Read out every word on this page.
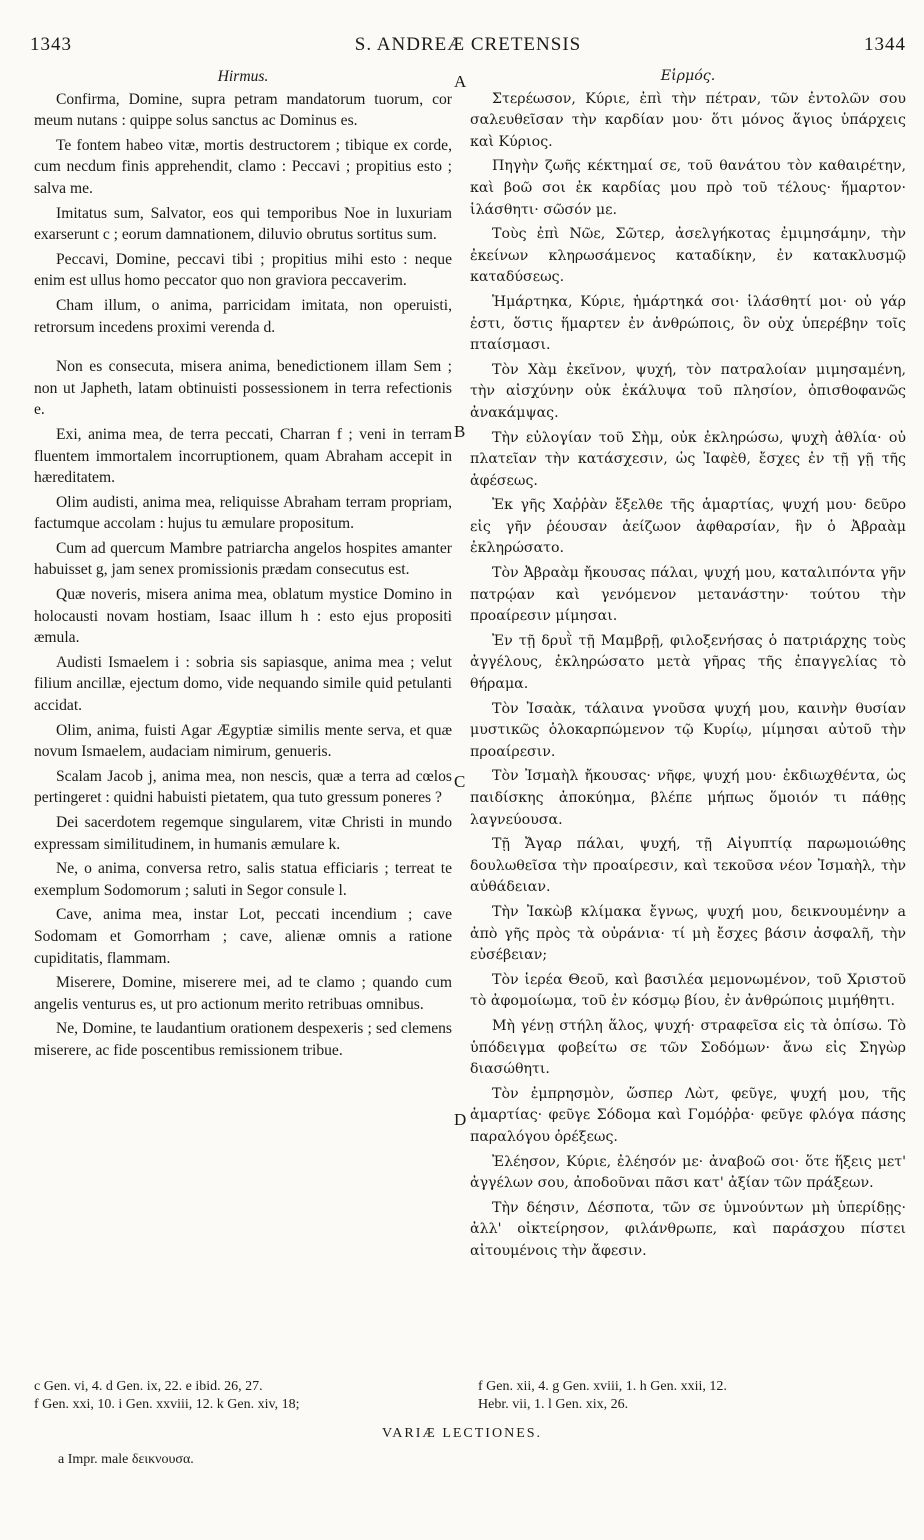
1343	S. ANDREÆ CRETENSIS	1344
Hirmus.

Confirma, Domine, supra petram mandatorum tuorum, cor meum nutans : quippe solus sanctus ac Dominus es.

Te fontem habeo vitæ, mortis destructorem ; tibique ex corde, cum necdum finis apprehendit, clamo : Peccavi ; propitius esto ; salva me.

Imitatus sum, Salvator, eos qui temporibus Noe in luxuriam exarserunt c ; eorum damnationem, diluvio obrutus sortitus sum.

Peccavi, Domine, peccavi tibi ; propitius mihi esto : neque enim est ullus homo peccator quo non graviora peccaverim.

Cham illum, o anima, parricidam imitata, non operuisti, retrorsum incedens proximi verenda d.

Non es consecuta, misera anima, benedictionem illam Sem ; non ut Japheth, latam obtinuisti possessionem in terra refectionis e.

Exi, anima mea, de terra peccati, Charran f ; veni in terram fluentem immortalem incorruptionem, quam Abraham accepit in hæreditatem.

Olim audisti, anima mea, reliquisse Abraham terram propriam, factumque accolam : hujus tu æmulare propositum.

Cum ad quercum Mambre patriarcha angelos hospites amanter habuisset g, jam senex promissionis prædam consecutus est.

Quæ noveris, misera anima mea, oblatum mystice Domino in holocausti novam hostiam, Isaac illum h : esto ejus propositi æmula.

Audisti Ismaelem i : sobria sis sapiasque, anima mea ; velut filium ancillæ, ejectum domo, vide nequando simile quid petulanti accidat.

Olim, anima, fuisti Agar Ægyptiæ similis mente serva, et quæ novum Ismaelem, audaciam nimirum, genueris.

Scalam Jacob j, anima mea, non nescis, quæ a terra ad cœlos pertingeret : quidni habuisti pietatem, qua tuto gressum poneres ?

Dei sacerdotem regemque singularem, vitæ Christi in mundo expressam similitudinem, in humanis æmulare k.

Ne, o anima, conversa retro, salis statua efficiaris ; terreat te exemplum Sodomorum ; saluti in Segor consule l.

Cave, anima mea, instar Lot, peccati incendium ; cave Sodomam et Gomorrham ; cave, alienæ omnis a ratione cupiditatis, flammam.

Miserere, Domine, miserere mei, ad te clamo ; quando cum angelis venturus es, ut pro actionum merito retribuas omnibus.

Ne, Domine, te laudantium orationem despexeris ; sed clemens miserere, ac fide poscentibus remissionem tribue.

A
B
C
D
Εἱρμός.

Στερέωσον, Κύριε, ἐπὶ τὴν πέτραν, τῶν ἐντολῶν σου σαλευθεῖσαν τὴν καρδίαν μου· ὅτι μόνος ἅγιος ὑπάρχεις καὶ Κύριος.

Πηγὴν ζωῆς κέκτημαί σε, τοῦ θανάτου τὸν καθαιρέτην, καὶ βοῶ σοι ἐκ καρδίας μου πρὸ τοῦ τέλους· ἥμαρτον· ἱλάσθητι· σῶσόν με.

Τοὺς ἐπὶ Νῶε, Σῶτερ, ἀσελγήκοτας ἐμιμησάμην, τὴν ἐκείνων κληρωσάμενος καταδίκην, ἐν κατακλυσμῷ καταδύσεως.

Ἡμάρτηκα, Κύριε, ἡμάρτηκά σοι· ἱλάσθητί μοι· οὐ γάρ ἐστι, ὅστις ἥμαρτεν ἐν ἀνθρώποις, ὃν οὐχ ὑπερέβην τοῖς πταίσμασι.

Τὸν Χὰμ ἐκεῖνον, ψυχή, τὸν πατραλοίαν μιμησαμένη, τὴν αἰσχύνην οὐκ ἐκάλυψα τοῦ πλησίον, ὀπισθοφανῶς ἀνακάμψας.

Τὴν εὐλογίαν τοῦ Σὴμ, οὐκ ἐκληρώσω, ψυχὴ ἀθλία· οὐ πλατεῖαν τὴν κατάσχεσιν, ὡς Ἰαφὲθ, ἔσχες ἐν τῇ γῇ τῆς ἀφέσεως.

Ἐκ γῆς Χαῤῥὰν ἔξελθε τῆς ἁμαρτίας, ψυχή μου· δεῦρο εἰς γῆν ῥέουσαν ἀείζωον ἀφθαρσίαν, ἣν ὁ Ἀβραὰμ ἐκληρώσατο.

Τὸν Ἀβραὰμ ἤκουσας πάλαι, ψυχή μου, καταλιπόντα γῆν πατρῴαν καὶ γενόμενον μετανάστην· τούτου τὴν προαίρεσιν μίμησαι.

Ἐν τῇ δρυῒ τῇ Μαμβρῇ, φιλοξενήσας ὁ πατριάρχης τοὺς ἀγγέλους, ἐκληρώσατο μετὰ γῆρας τῆς ἐπαγγελίας τὸ θήραμα.

Τὸν Ἰσαὰκ, τάλαινα γνοῦσα ψυχή μου, καινὴν θυσίαν μυστικῶς ὁλοκαρπώμενον τῷ Κυρίῳ, μίμησαι αὐτοῦ τὴν προαίρεσιν.

Τὸν Ἰσμαὴλ ἤκουσας· νῆφε, ψυχή μου· ἐκδιωχθέντα, ὡς παιδίσκης ἀποκύημα, βλέπε μήπως ὅμοιόν τι πάθῃς λαγνεύουσα.

Τῇ Ἄγαρ πάλαι, ψυχή, τῇ Αἰγυπτίᾳ παρωμοιώθης δουλωθεῖσα τὴν προαίρεσιν, καὶ τεκοῦσα νέον Ἰσμαὴλ, τὴν αὐθάδειαν.

Τὴν Ἰακὼβ κλίμακα ἔγνως, ψυχή μου, δεικνουμένην a ἀπὸ γῆς πρὸς τὰ οὐράνια· τί μὴ ἔσχες βάσιν ἀσφαλῆ, τὴν εὐσέβειαν;

Τὸν ἱερέα Θεοῦ, καὶ βασιλέα μεμονωμένον, τοῦ Χριστοῦ τὸ ἀφομοίωμα, τοῦ ἐν κόσμῳ βίου, ἐν ἀνθρώποις μιμήθητι.

Μὴ γένῃ στήλη ἅλος, ψυχή· στραφεῖσα εἰς τὰ ὀπίσω. Τὸ ὑπόδειγμα φοβείτω σε τῶν Σοδόμων· ἄνω εἰς Σηγὼρ διασώθητι.

Τὸν ἐμπρησμὸν, ὥσπερ Λὼτ, φεῦγε, ψυχή μου, τῆς ἁμαρτίας· φεῦγε Σόδομα καὶ Γομόῤῥα· φεῦγε φλόγα πάσης παραλόγου ὀρέξεως.

Ἐλέησον, Κύριε, ἐλέησόν με· ἀναβοῶ σοι· ὅτε ἥξεις μετ' ἀγγέλων σου, ἀποδοῦναι πᾶσι κατ' ἀξίαν τῶν πράξεων.

Τὴν δέησιν, Δέσποτα, τῶν σε ὑμνούντων μὴ ὑπερίδῃς· ἀλλ' οἰκτείρησον, φιλάνθρωπε, καὶ παράσχου πίστει αἰτουμένοις τὴν ἄφεσιν.

c Gen. vi, 4. d Gen. ix, 22. e ibid. 26, 27.
f Gen. xxi, 10. i Gen. xxviii, 12. k Gen. xiv, 18;
f Gen. xii, 4. g Gen. xviii, 1. h Gen. xxii, 12.
Hebr. vii, 1. l Gen. xix, 26.
VARIÆ LECTIONES.
a Impr. male δεικνουσα.
